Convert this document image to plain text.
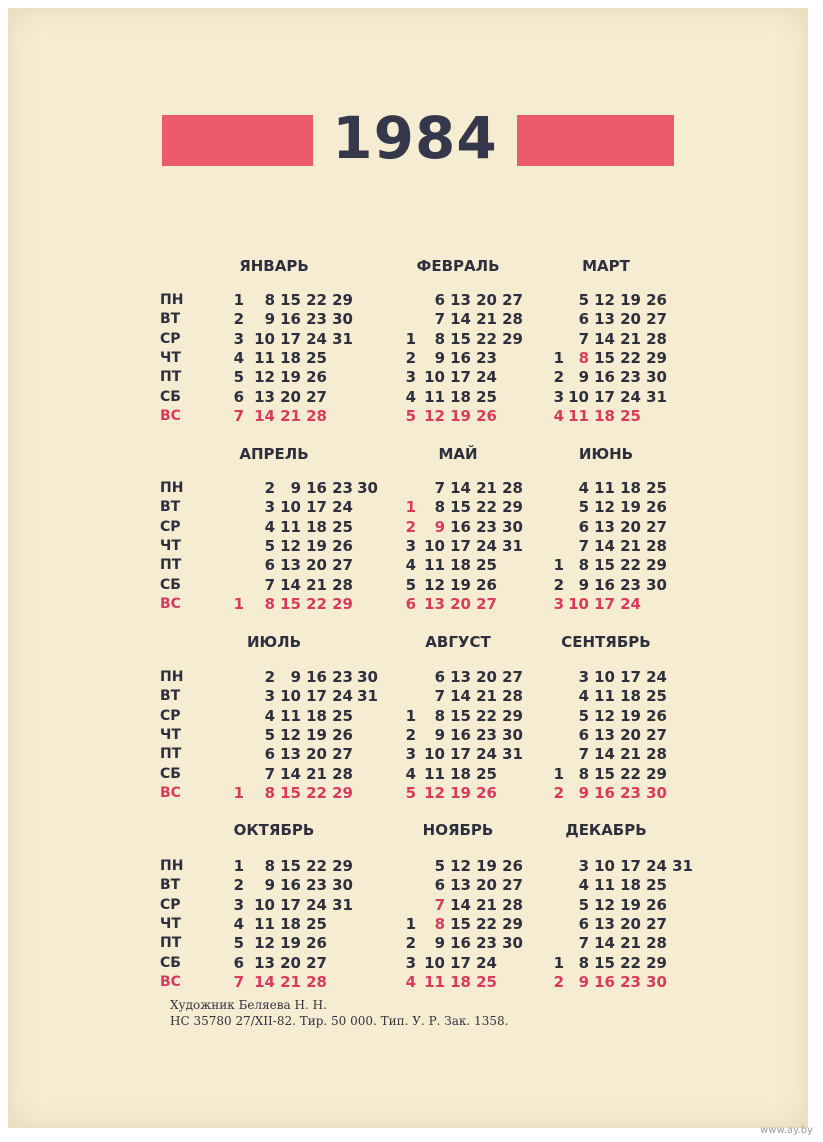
1984
ПН
ВТ
СР
ЧТ
ПТ
СБ
ВС
ПН
ВТ
СР
ЧТ
ПТ
СБ
ВС
ПН
ВТ
СР
ЧТ
ПТ
СБ
ВС
ПН
ВТ
СР
ЧТ
ПТ
СБ
ВС
ЯНВАРЬ
1
2
3
4
5
6
7
8
9
10
11
12
13
14
15
16
17
18
19
20
21
22
23
24
25
26
27
28
29
30
31
ФЕВРАЛЬ
1
2
3
4
5
6
7
8
9
10
11
12
13
14
15
16
17
18
19
20
21
22
23
24
25
26
27
28
29
МАРТ
1
2
3
4
5
6
7
8
9
10
11
12
13
14
15
16
17
18
19
20
21
22
23
24
25
26
27
28
29
30
31
АПРЕЛЬ
1
2
3
4
5
6
7
8
9
10
11
12
13
14
15
16
17
18
19
20
21
22
23
24
25
26
27
28
29
30
МАЙ
1
2
3
4
5
6
7
8
9
10
11
12
13
14
15
16
17
18
19
20
21
22
23
24
25
26
27
28
29
30
31
ИЮНЬ
1
2
3
4
5
6
7
8
9
10
11
12
13
14
15
16
17
18
19
20
21
22
23
24
25
26
27
28
29
30
ИЮЛЬ
1
2
3
4
5
6
7
8
9
10
11
12
13
14
15
16
17
18
19
20
21
22
23
24
25
26
27
28
29
30
31
АВГУСТ
1
2
3
4
5
6
7
8
9
10
11
12
13
14
15
16
17
18
19
20
21
22
23
24
25
26
27
28
29
30
31
СЕНТЯБРЬ
1
2
3
4
5
6
7
8
9
10
11
12
13
14
15
16
17
18
19
20
21
22
23
24
25
26
27
28
29
30
ОКТЯБРЬ
1
2
3
4
5
6
7
8
9
10
11
12
13
14
15
16
17
18
19
20
21
22
23
24
25
26
27
28
29
30
31
НОЯБРЬ
1
2
3
4
5
6
7
8
9
10
11
12
13
14
15
16
17
18
19
20
21
22
23
24
25
26
27
28
29
30
ДЕКАБРЬ
1
2
3
4
5
6
7
8
9
10
11
12
13
14
15
16
17
18
19
20
21
22
23
24
25
26
27
28
29
30
31
Художник Беляева Н. Н.
НС 35780 27/XII-82. Тир. 50 000. Тип. У. Р. Зак. 1358.
www.ay.by
